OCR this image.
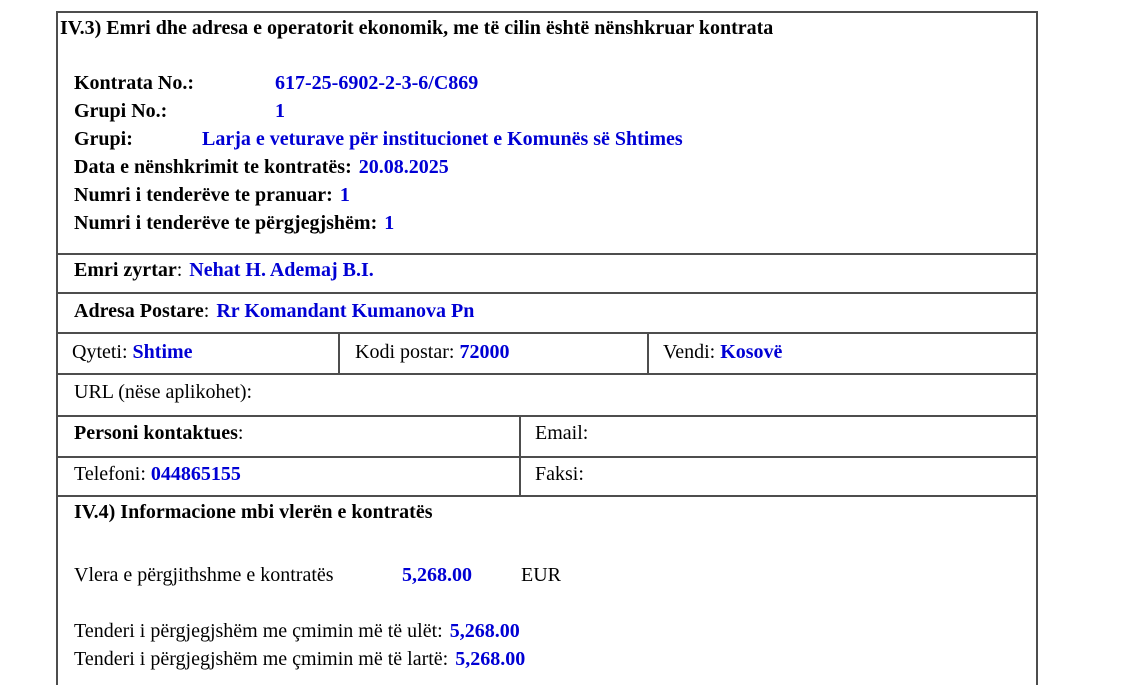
IV.3) Emri dhe adresa e operatorit ekonomik, me të cilin është nënshkruar kontrata
Kontrata No.:	617-25-6902-2-3-6/C869
Grupi No.:	1
Grupi:	Larja e veturave për institucionet e Komunës së Shtimes
Data e nënshkrimit te kontratës: 20.08.2025
Numri i tenderëve te pranuar: 1
Numri i tenderëve te përgjegjshëm: 1
Emri zyrtar: Nehat H. Ademaj B.I.
Adresa Postare: Rr Komandant Kumanova Pn
Qyteti: Shtime	Kodi postar: 72000	Vendi: Kosovë
URL (nëse aplikohet):
Personi kontaktues:	Email:
Telefoni: 044865155	Faksi:
IV.4) Informacione mbi vlerën e kontratës
Vlera e përgjithshme e kontratës	5,268.00 EUR
Tenderi i përgjegjshëm me çmimin më të ulët: 5,268.00
Tenderi i përgjegjshëm me çmimin më të lartë: 5,268.00
